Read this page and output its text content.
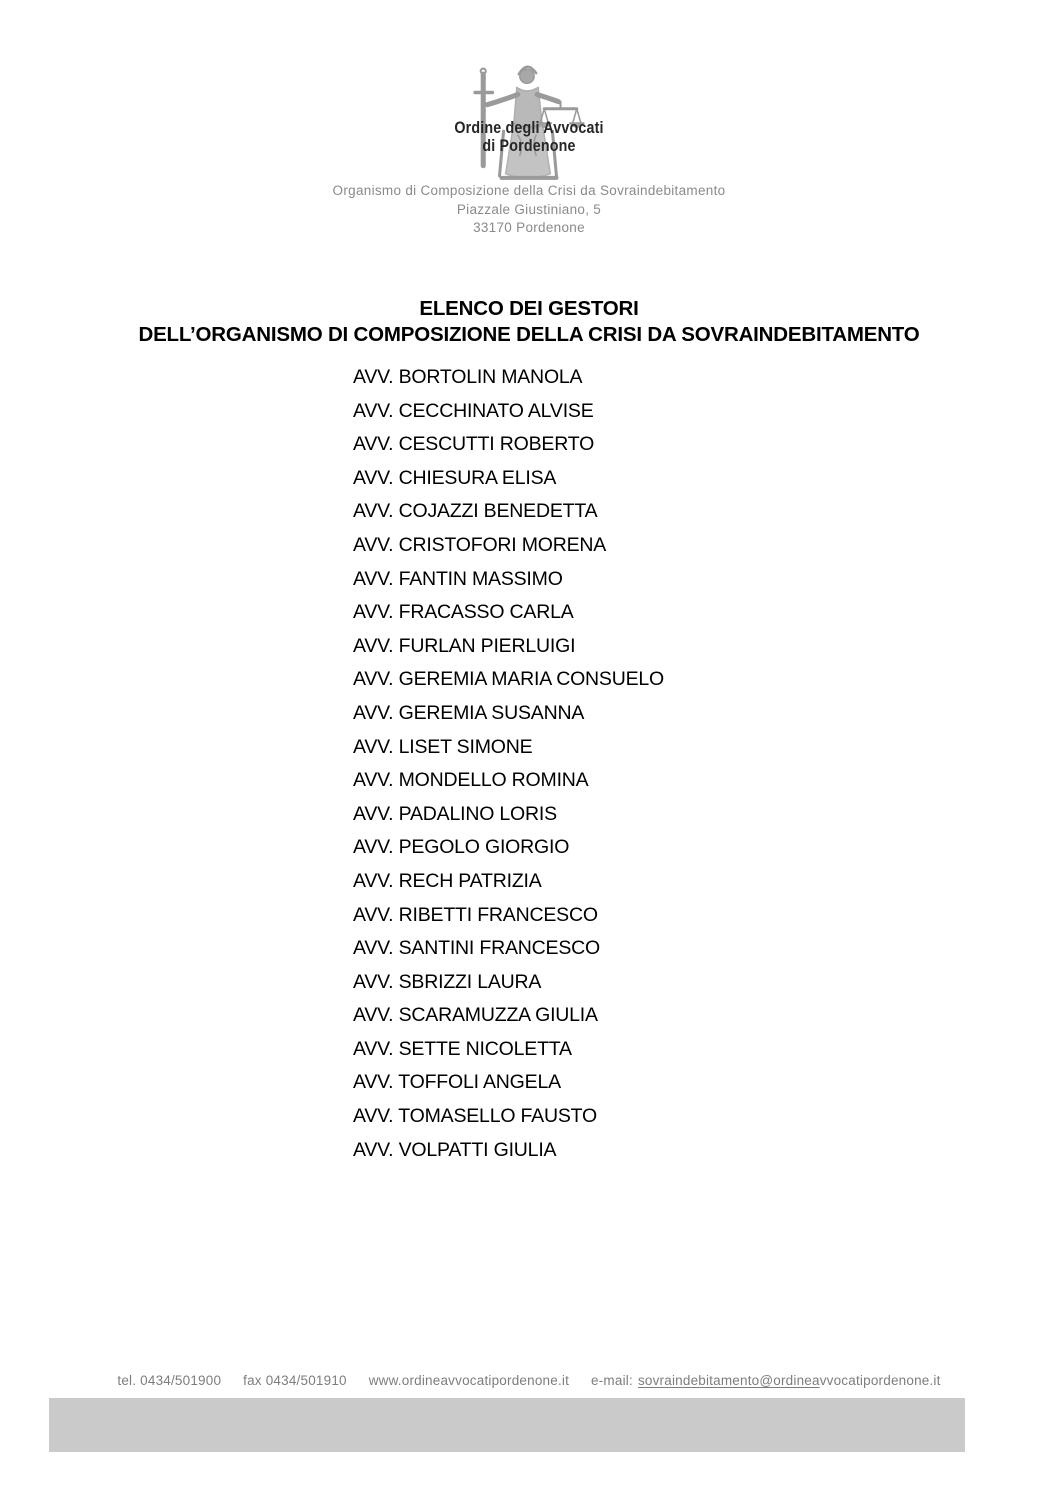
Ordine degli Avvocati
di Pordenone
Organismo di Composizione della Crisi da Sovraindebitamento
Piazzale Giustiniano, 5
33170 Pordenone
ELENCO DEI GESTORI
DELL’ORGANISMO DI COMPOSIZIONE DELLA CRISI DA SOVRAINDEBITAMENTO
AVV. BORTOLIN MANOLA
AVV. CECCHINATO ALVISE
AVV. CESCUTTI ROBERTO
AVV. CHIESURA ELISA
AVV. COJAZZI BENEDETTA
AVV. CRISTOFORI MORENA
AVV. FANTIN MASSIMO
AVV. FRACASSO CARLA
AVV. FURLAN PIERLUIGI
AVV. GEREMIA MARIA CONSUELO
AVV. GEREMIA SUSANNA
AVV. LISET SIMONE
AVV. MONDELLO ROMINA
AVV. PADALINO LORIS
AVV. PEGOLO GIORGIO
AVV. RECH PATRIZIA
AVV. RIBETTI FRANCESCO
AVV. SANTINI FRANCESCO
AVV. SBRIZZI LAURA
AVV. SCARAMUZZA GIULIA
AVV. SETTE NICOLETTA
AVV. TOFFOLI ANGELA
AVV. TOMASELLO FAUSTO
AVV. VOLPATTI GIULIA
tel. 0434/501900 fax 0434/501910 www.ordineavvocatipordenone.it e-mail: sovraindebitamento@ordineavvocatipordenone.it
